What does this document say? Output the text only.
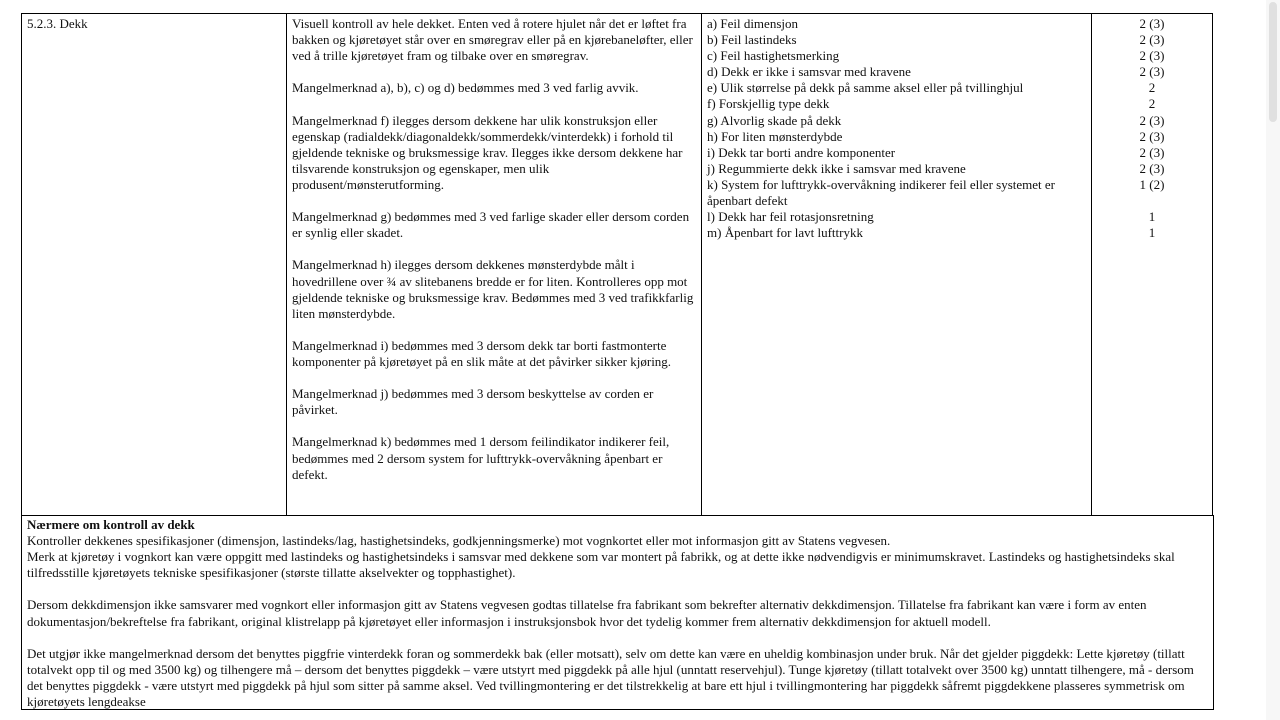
5.2.3. Dekk	Visuell kontroll av hele dekket. Enten ved å rotere hjulet når det er løftet fra bakken og kjøretøyet står over en smøregrav eller på en kjørebaneløfter, eller ved å trille kjøretøyet fram og tilbake over en smøregrav.

Mangelmerknad a), b), c) og d) bedømmes med 3 ved farlig avvik.

Mangelmerknad f) ilegges dersom dekkene har ulik konstruksjon eller egenskap (radialdekk/diagonaldekk/sommerdekk/vinterdekk) i forhold til gjeldende tekniske og bruksmessige krav. Ilegges ikke dersom dekkene har tilsvarende konstruksjon og egenskaper, men ulik produsent/mønsterutforming.

Mangelmerknad g) bedømmes med 3 ved farlige skader eller dersom corden er synlig eller skadet.

Mangelmerknad h) ilegges dersom dekkenes mønsterdybde målt i hovedrillene over ¾ av slitebanens bredde er for liten. Kontrolleres opp mot gjeldende tekniske og bruksmessige krav. Bedømmes med 3 ved trafikkfarlig liten mønsterdybde.

Mangelmerknad i) bedømmes med 3 dersom dekk tar borti fastmonterte komponenter på kjøretøyet på en slik måte at det påvirker sikker kjøring.

Mangelmerknad j) bedømmes med 3 dersom beskyttelse av corden er påvirket.

Mangelmerknad k) bedømmes med 1 dersom feilindikator indikerer feil, bedømmes med 2 dersom system for lufttrykk-overvåkning åpenbart er defekt.

a) Feil dimensjon
b) Feil lastindeks
c) Feil hastighetsmerking
d) Dekk er ikke i samsvar med kravene
e) Ulik størrelse på dekk på samme aksel eller på tvillinghjul
f) Forskjellig type dekk
g) Alvorlig skade på dekk
h) For liten mønsterdybde
i) Dekk tar borti andre komponenter
j) Regummierte dekk ikke i samsvar med kravene
k) System for lufttrykk-overvåkning indikerer feil eller systemet er åpenbart defekt
l) Dekk har feil rotasjonsretning
m) Åpenbart for lavt lufttrykk
2 (3)
2 (3)
2 (3)
2 (3)
2
2
2 (3)
2 (3)
2 (3)
2 (3)
1 (2)
1
1

Nærmere om kontroll av dekk

Kontroller dekkenes spesifikasjoner (dimensjon, lastindeks/lag, hastighetsindeks, godkjenningsmerke) mot vognkortet eller mot informasjon gitt av Statens vegvesen.

Merk at kjøretøy i vognkort kan være oppgitt med lastindeks og hastighetsindeks i samsvar med dekkene som var montert på fabrikk, og at dette ikke nødvendigvis er minimumskravet. Lastindeks og hastighetsindeks skal tilfredsstille kjøretøyets tekniske spesifikasjoner (største tillatte akselvekter og topphastighet).

Dersom dekkdimensjon ikke samsvarer med vognkort eller informasjon gitt av Statens vegvesen godtas tillatelse fra fabrikant som bekrefter alternativ dekkdimensjon. Tillatelse fra fabrikant kan være i form av enten dokumentasjon/bekreftelse fra fabrikant, original klistrelapp på kjøretøyet eller informasjon i instruksjonsbok hvor det tydelig kommer frem alternativ dekkdimensjon for aktuell modell.

Det utgjør ikke mangelmerknad dersom det benyttes piggfrie vinterdekk foran og sommerdekk bak (eller motsatt), selv om dette kan være en uheldig kombinasjon under bruk. Når det gjelder piggdekk: Lette kjøretøy (tillatt totalvekt opp til og med 3500 kg) og tilhengere må – dersom det benyttes piggdekk – være utstyrt med piggdekk på alle hjul (unntatt reservehjul). Tunge kjøretøy (tillatt totalvekt over 3500 kg) unntatt tilhengere, må - dersom det benyttes piggdekk - være utstyrt med piggdekk på hjul som sitter på samme aksel. Ved tvillingmontering er det tilstrekkelig at bare ett hjul i tvillingmontering har piggdekk såfremt piggdekkene plasseres symmetrisk om kjøretøyets lengdeakse
